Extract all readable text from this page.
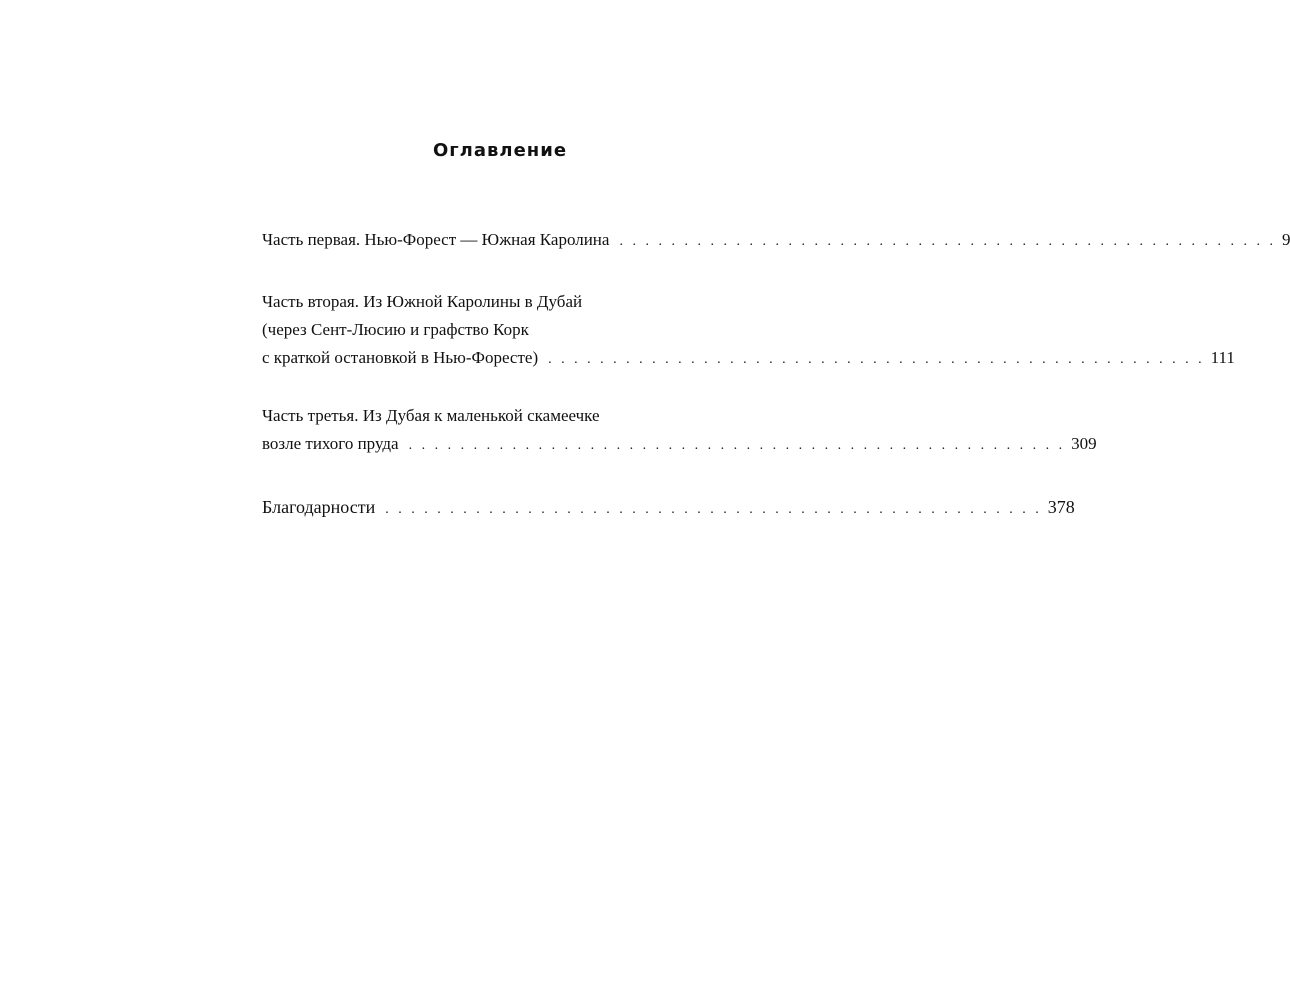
Оглавление
Часть первая. Нью-Форест — Южная Каролина . . . . . . . . . . . . . . . . . . . . . . . . . . . . . . . . . . . . . . . . . . . . . . . . . . . 9
Часть вторая. Из Южной Каролины в Дубай
(через Сент-Люсию и графство Корк
с краткой остановкой в Нью-Форесте) . . . . . . . . . . . . . . . . . . . . . . . . . . . . . . . . . . . . . . . . . . . . . . . . . . . 111
Часть третья. Из Дубая к маленькой скамеечке
возле тихого пруда . . . . . . . . . . . . . . . . . . . . . . . . . . . . . . . . . . . . . . . . . . . . . . . . . . . 309
Благодарности . . . . . . . . . . . . . . . . . . . . . . . . . . . . . . . . . . . . . . . . . . . . . . . . . . . 378
